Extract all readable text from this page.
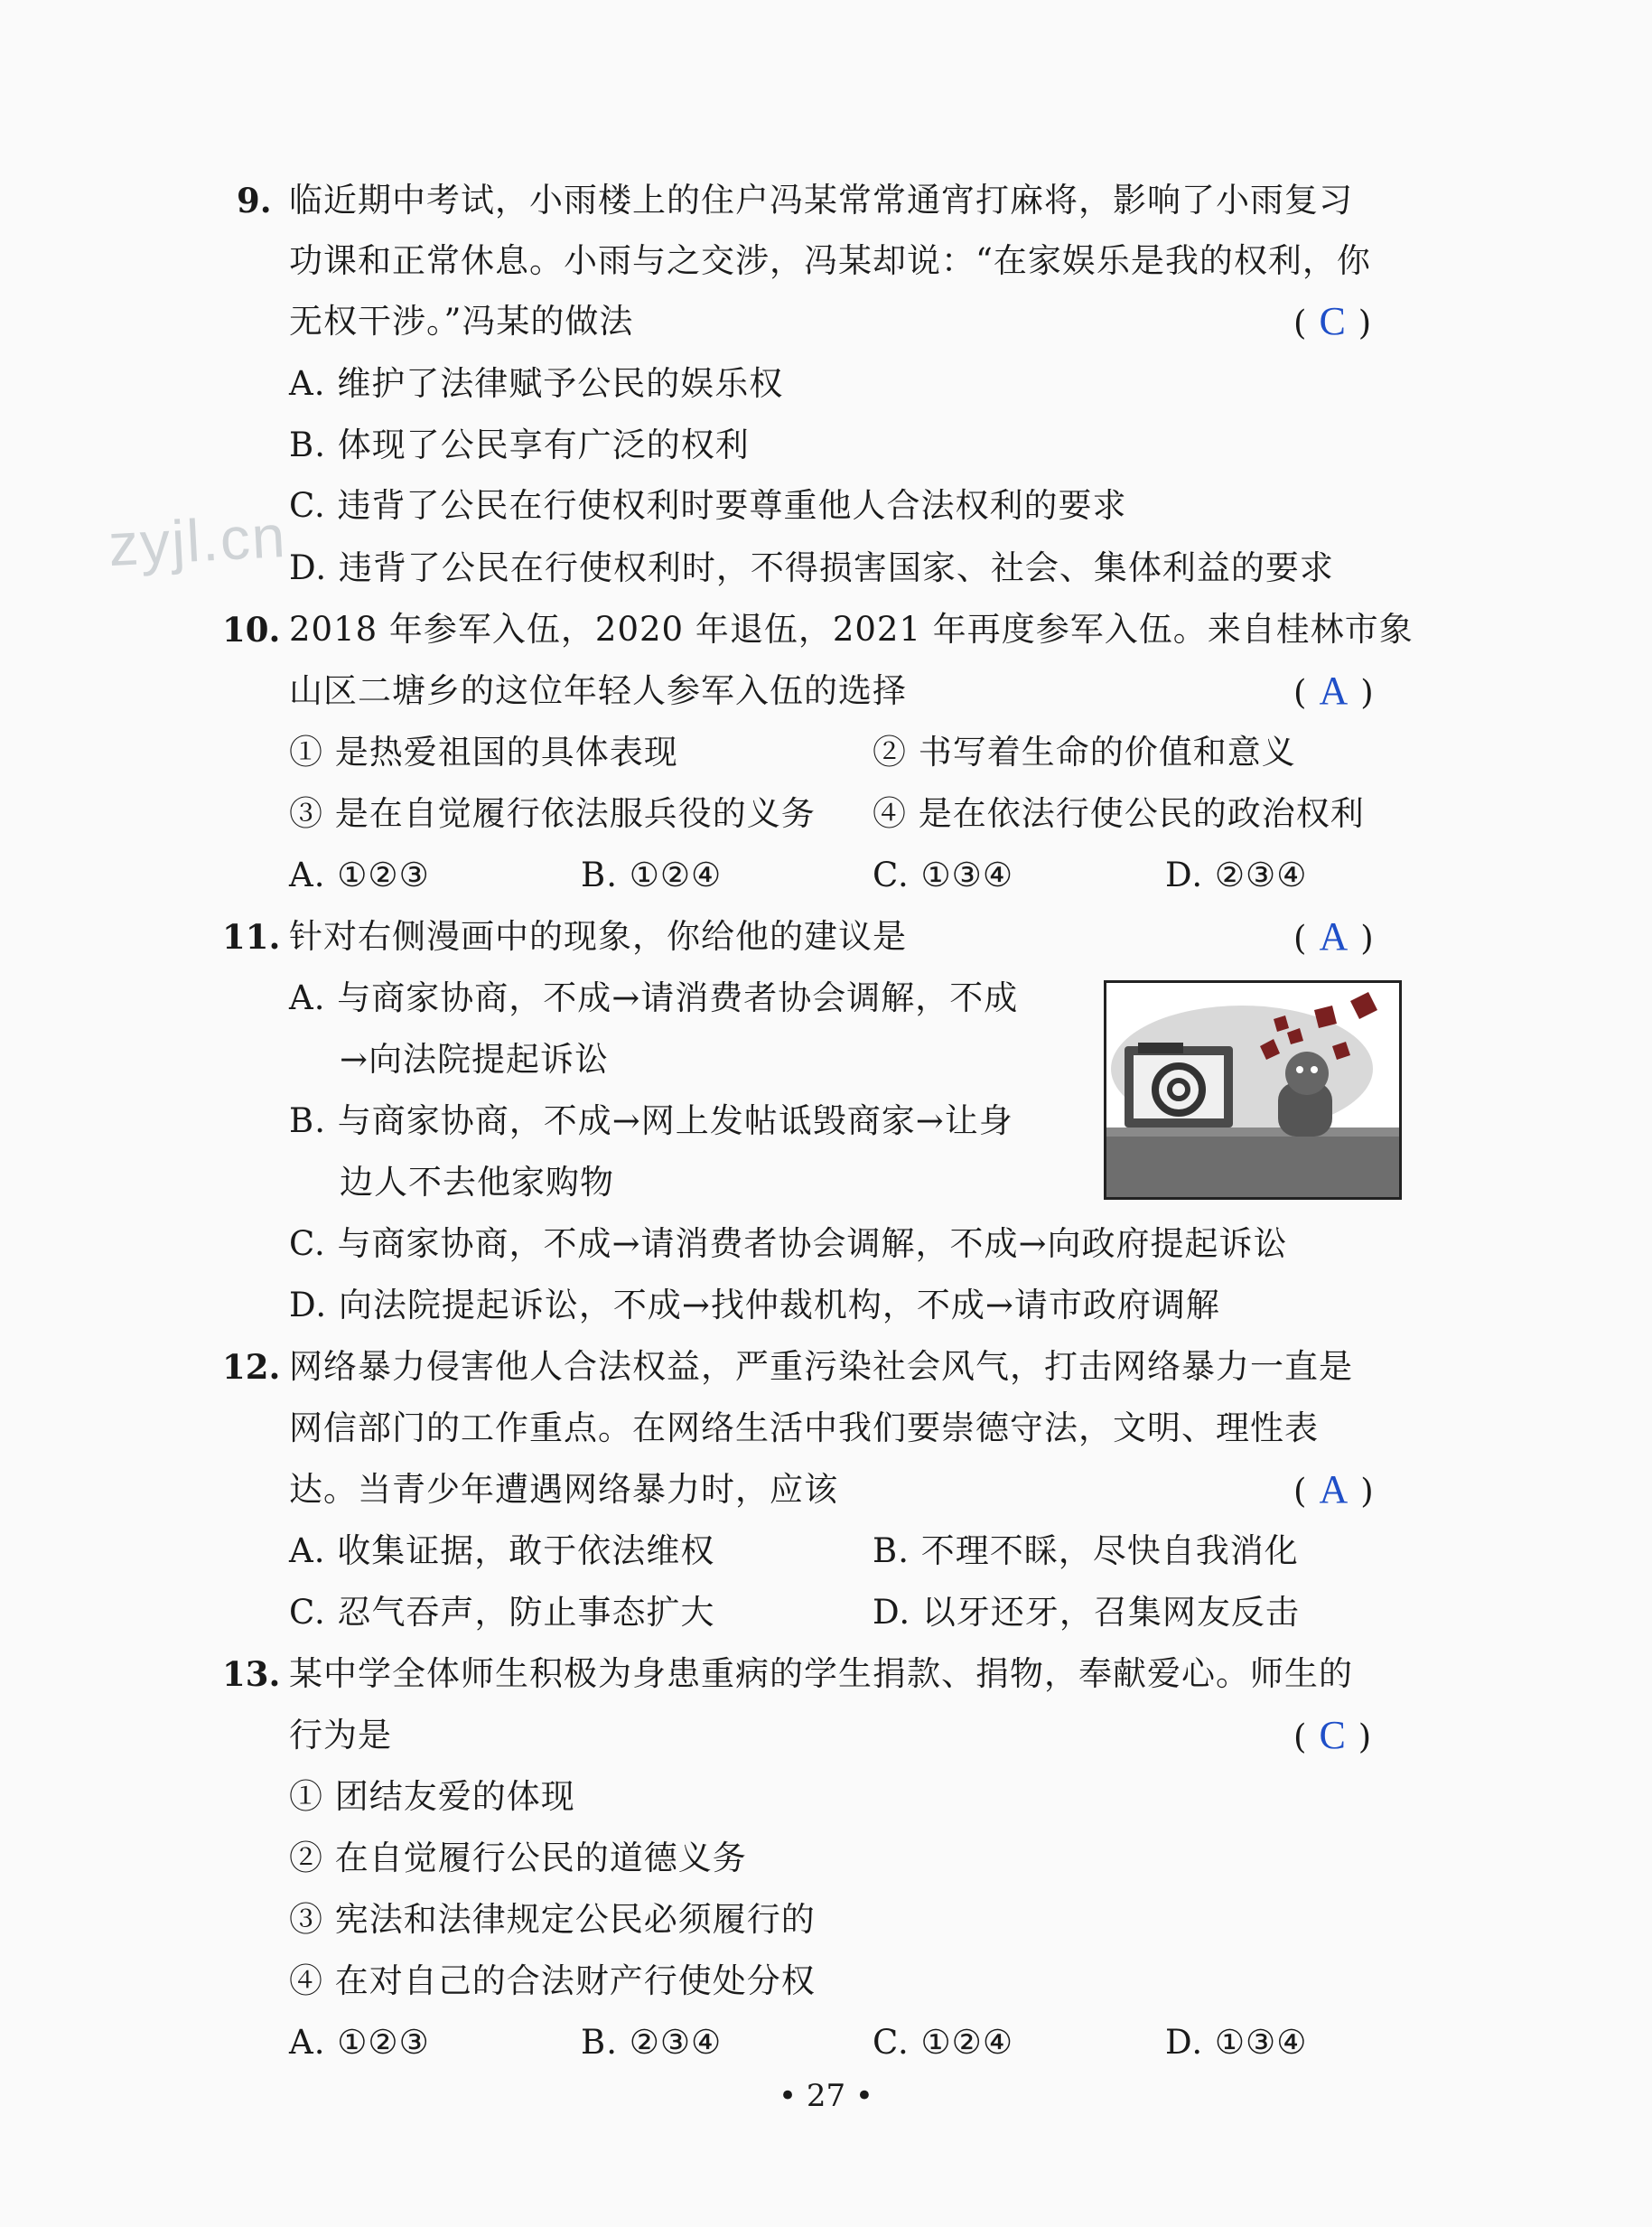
zyjl.cn
9. 临近期中考试，小雨楼上的住户冯某常常通宵打麻将，影响了小雨复习
功课和正常休息。小雨与之交涉，冯某却说：“在家娱乐是我的权利，你
无权干涉。”冯某的做法	( C )
A. 维护了法律赋予公民的娱乐权
B. 体现了公民享有广泛的权利
C. 违背了公民在行使权利时要尊重他人合法权利的要求
D. 违背了公民在行使权利时，不得损害国家、社会、集体利益的要求
10. 2018 年参军入伍，2020 年退伍，2021 年再度参军入伍。来自桂林市象
山区二塘乡的这位年轻人参军入伍的选择	( A )
① 是热爱祖国的具体表现	② 书写着生命的价值和意义
③ 是在自觉履行依法服兵役的义务 ④ 是在依法行使公民的政治权利
A. ①②③	B. ①②④	C. ①③④	D. ②③④
11. 针对右侧漫画中的现象，你给他的建议是	( A )
A. 与商家协商，不成→请消费者协会调解，不成
→向法院提起诉讼
B. 与商家协商，不成→网上发帖诋毁商家→让身
边人不去他家购物
C. 与商家协商，不成→请消费者协会调解，不成→向政府提起诉讼
D. 向法院提起诉讼，不成→找仲裁机构，不成→请市政府调解
12. 网络暴力侵害他人合法权益，严重污染社会风气，打击网络暴力一直是
网信部门的工作重点。在网络生活中我们要崇德守法，文明、理性表
达。当青少年遭遇网络暴力时，应该	( A )
A. 收集证据，敢于依法维权	B. 不理不睬，尽快自我消化
C. 忍气吞声，防止事态扩大	D. 以牙还牙，召集网友反击
13. 某中学全体师生积极为身患重病的学生捐款、捐物，奉献爱心。师生的
行为是	( C )
① 团结友爱的体现
② 在自觉履行公民的道德义务
③ 宪法和法律规定公民必须履行的
④ 在对自己的合法财产行使处分权
A. ①②③	B. ②③④	C. ①②④	D. ①③④
• 27 •
